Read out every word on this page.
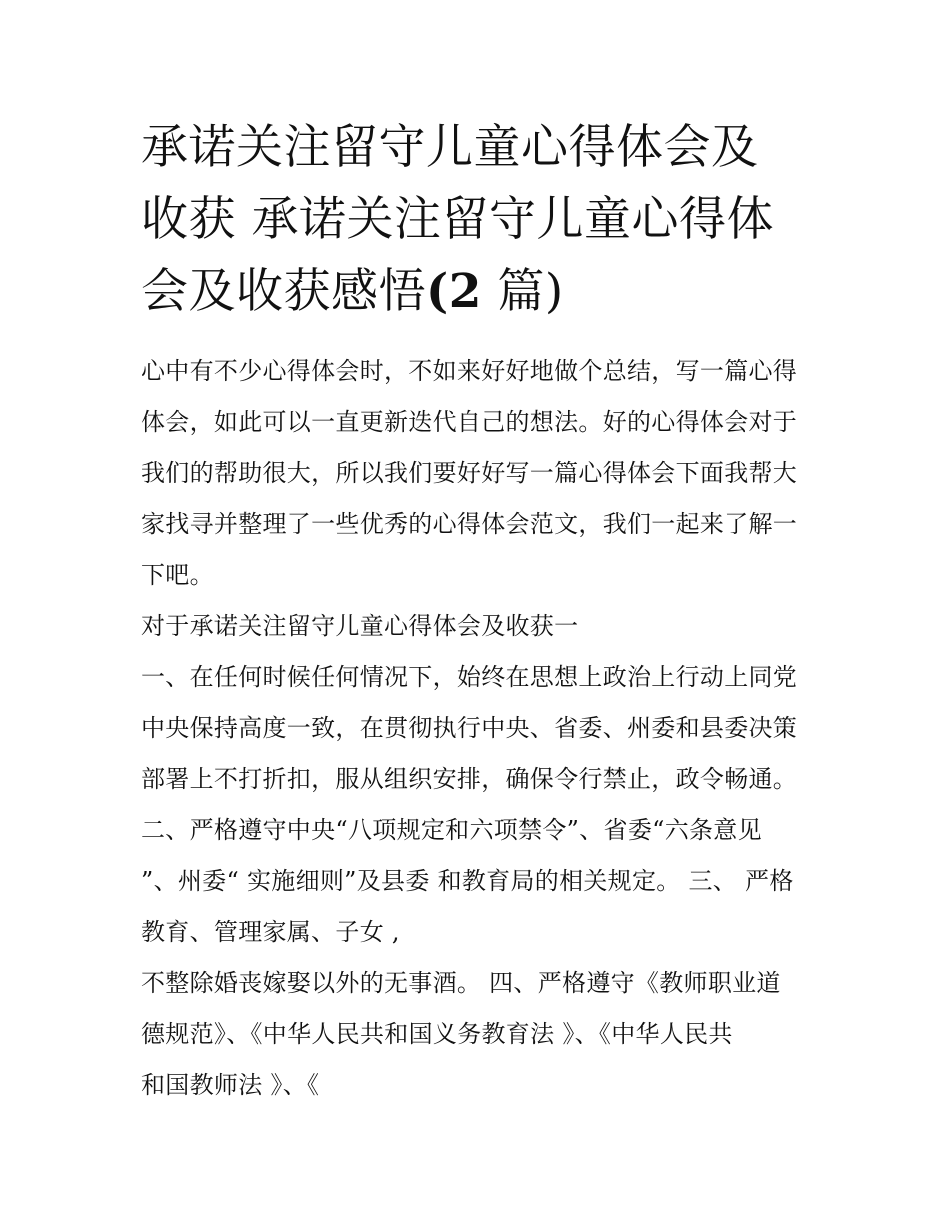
承诺关注留守儿童心得体会及
收获 承诺关注留守儿童心得体
会及收获感悟(2 篇)
心中有不少心得体会时，不如来好好地做个总结，写一篇心得
体会，如此可以一直更新迭代自己的想法。好的心得体会对于
我们的帮助很大，所以我们要好好写一篇心得体会下面我帮大
家找寻并整理了一些优秀的心得体会范文，我们一起来了解一
下吧。
对于承诺关注留守儿童心得体会及收获一
一、在任何时候任何情况下，始终在思想上政治上行动上同党
中央保持高度一致，在贯彻执行中央、省委、州委和县委决策
部署上不打折扣，服从组织安排，确保令行禁止，政令畅通。
二、严格遵守中央“八项规定和六项禁令”、省委“六条意见
”、州委“ 实施细则”及县委 和教育局的相关规定。 三、 严格
教育、管理家属、子女 ,
不整除婚丧嫁娶以外的无事酒。 四、严格遵守《教师职业道
德规范》、《中华人民共和国义务教育法 》、《中华人民共
和国教师法 》、《
